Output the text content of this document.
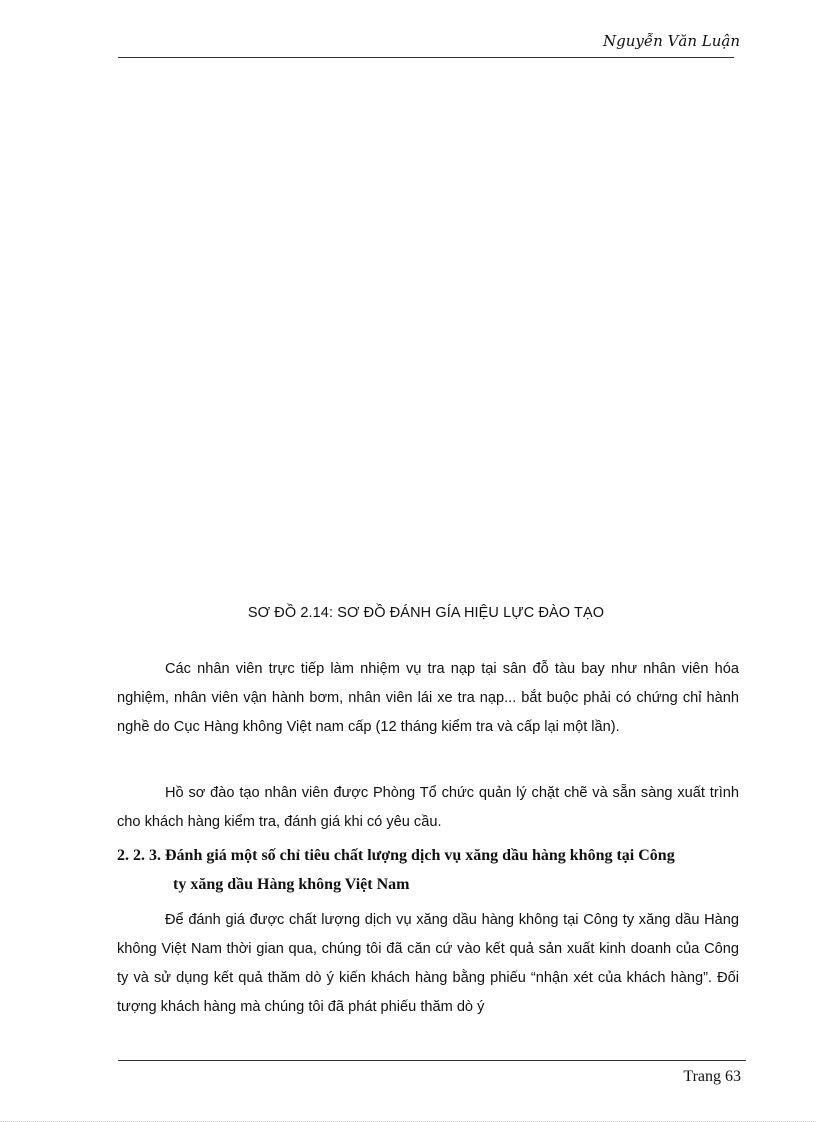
Nguyễn Văn Luận
SƠ ĐỒ 2.14: SƠ ĐỒ ĐÁNH GÍA HIỆU LỰC ĐÀO TẠO

Các nhân viên trực tiếp làm nhiệm vụ tra nạp tại sân đỗ tàu bay như nhân viên hóa nghiệm, nhân viên vận hành bơm, nhân viên lái xe tra nạp... bắt buộc phải có chứng chỉ hành nghề do Cục Hàng không Việt nam cấp (12 tháng kiểm tra và cấp lại một lần).

Hồ sơ đào tạo nhân viên được Phòng Tổ chức quản lý chặt chẽ và sẵn sàng xuất trình cho khách hàng kiểm tra, đánh giá khi có yêu cầu.

2. 2. 3. Đánh giá một số chỉ tiêu chất lượng dịch vụ xăng dầu hàng không tại Công
ty xăng dầu Hàng không Việt Nam

Để đánh giá được chất lượng dịch vụ xăng dầu hàng không tại Công ty xăng dầu Hàng không Việt Nam thời gian qua, chúng tôi đã căn cứ vào kết quả sản xuất kinh doanh của Công ty và sử dụng kết quả thăm dò ý kiến khách hàng bằng phiếu “nhận xét của khách hàng”. Đối tượng khách hàng mà chúng tôi đã phát phiếu thăm dò ý

Trang 63
